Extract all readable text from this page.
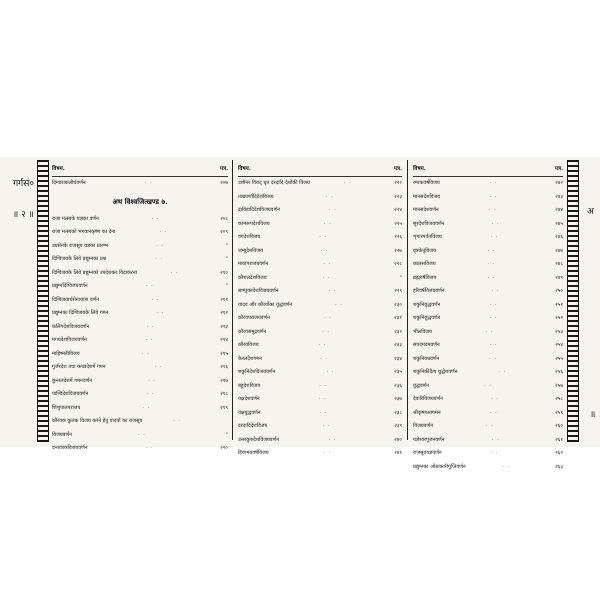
गर्गसं०
॥ २ ॥	अ
॥
विषय.	पत्र.
दिग्वाराकलीर्थवर्णन	· ·	२०७
अथ विश्वजित्खण्ड ७.
राजा मत्स्यके यज्ञका वर्णन	· ·	२०८
राजा मत्स्यको भगवानकृष्ण का देना	· ·	२०९
उग्रसेनके राजसूय यज्ञका प्रारम्भ	· ·	"
दिग्विजयके लिये प्रद्युम्नका प्रश्न	· ·	"
दिग्विजयके लिये प्रद्युम्नको उपदेशकर विदाकरना	· ·	२१०
प्रद्युम्नदिग्विजयवर्णन	· ·	"
दिग्विजयार्थसेनायात्रा वर्णन	· ·	२११
प्रद्युम्नका दिग्विजयके लिये गमन	· ·	२१२
कलिंगदेशविजयवर्णन	· ·	२१३
मगधदेशविजयवर्णन	· ·	२१४
माहिष्मतीविजय	· ·	२१५
गुर्जरदेश तथा कच्छदेशमें गमन	· ·	२१६
कुन्तलदेशमें गमनवर्णन	· ·	२१७
पाण्डिदेशविजयवर्णन	· ·	२१८
शिशुपालपराजय	· ·	२१९
कौरवक कुलक विजय करने हेतु यादवों का राजसूय	· ·
विजयवर्णन	· ·	"
दन्तवक्त्रविजयवर्णन	· ·	२२०
विषय.	पत्र.
उशीनर विराट् धृत दरदादि देशोंकी विजय	· ·	२२२
ताम्रपर्णादिदेशविजय	· ·	२२३
द्राविडादिदेशविजयवर्णन	· ·	२२४
कामरूपदेशविजय	· ·	२२५
वंगदेशविजय	· ·	२२६
जम्बूदेशविजय	· ·	२२७
मायापराजयवर्णन	· ·	२२८
कौशलदेशविजय	· ·	"
साम्पुक्तदेशविजयवर्णन	· ·	२२९
यादव और कौरवोंका युद्धवर्णन	· ·	२३०
कौरवपराजयवर्णन	· ·	२३१
कौरवसमुद्रवर्णन	· ·	२३२
कौरवविजय	· ·	२३३
केरलदेशगमन	· ·	२३४
शकुनिदेशविजयवर्णन	· ·	२३५
बहूदेशविजय	· ·	२३६
यक्षदेशवर्णन	· ·	२३७
यक्षयुद्धवर्णन	· ·	२३८
दरदादिदेशविजय	· ·	२३९
उत्तरकुरुदेशविजयवर्णन	· ·	२४०
हिरण्मयवर्षविजय	· ·	२४१
विषय.	पत्र.
रम्यकवर्षविजय	· ·	२४२
मानसदेशविजय	· ·	२४३
मानसदेशवर्णन	· ·	२४४
सुरदेशविजयवर्णन	· ·	२४५
शृंगारपर्वतविजय	· ·	२४६
वृत्रकेतुविजय	· ·	२४७
कालसविजय	· ·	२४८
ब्रह्मवर्षविजय	· ·	२४९
हरिवर्षविजयवर्णन	· ·	२५०
शकुनियुद्धवर्णन	· ·	२५१
शकुनियुद्धवर्णन	· ·	२५२
भीलविजय	· ·	२५३
सपदमदमवर्णन	· ·	२५४
शकुनिवधवर्णन	· ·	२५५
शकुनिकीदैत्य युद्धेशवर्णन	· ·	२५६
युद्धवर्णन	· ·	२५७
देवारिविजयवर्णन	· ·	२५८
श्रीकृष्णआगमन	· ·	२५९
विजयवर्णन	· ·	२६०
यज्ञेश्वरपूजनवर्णन	· ·	२६१
राजसूययज्ञवर्णन	· ·	२६२
प्रद्युम्नका ओंठाकारीगुप्तिवर्णन	· ·	२६३
